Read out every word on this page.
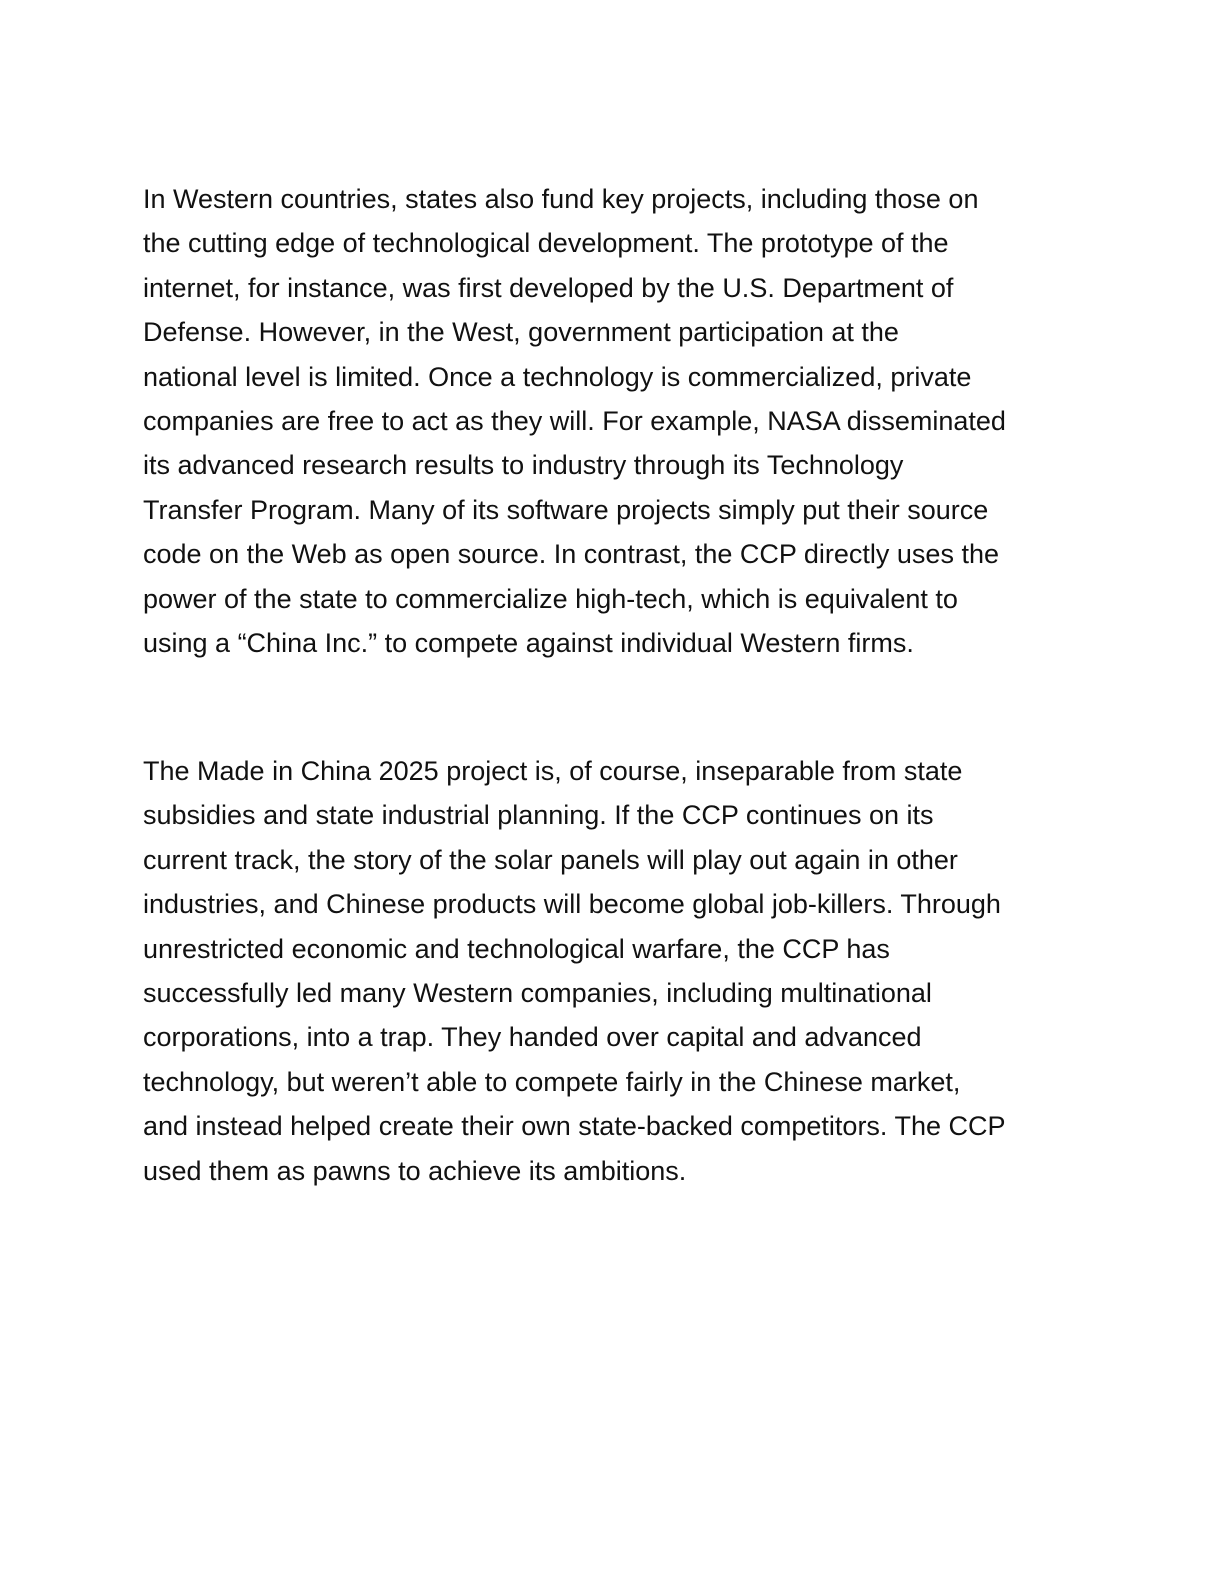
In Western countries, states also fund key projects, including those on
the cutting edge of technological development. The prototype of the
internet, for instance, was first developed by the U.S. Department of
Defense. However, in the West, government participation at the
national level is limited. Once a technology is commercialized, private
companies are free to act as they will. For example, NASA disseminated
its advanced research results to industry through its Technology
Transfer Program. Many of its software projects simply put their source
code on the Web as open source. In contrast, the CCP directly uses the
power of the state to commercialize high-tech, which is equivalent to
using a “China Inc.” to compete against individual Western firms.

The Made in China 2025 project is, of course, inseparable from state
subsidies and state industrial planning. If the CCP continues on its
current track, the story of the solar panels will play out again in other
industries, and Chinese products will become global job-killers. Through
unrestricted economic and technological warfare, the CCP has
successfully led many Western companies, including multinational
corporations, into a trap. They handed over capital and advanced
technology, but weren’t able to compete fairly in the Chinese market,
and instead helped create their own state-backed competitors. The CCP
used them as pawns to achieve its ambitions.
